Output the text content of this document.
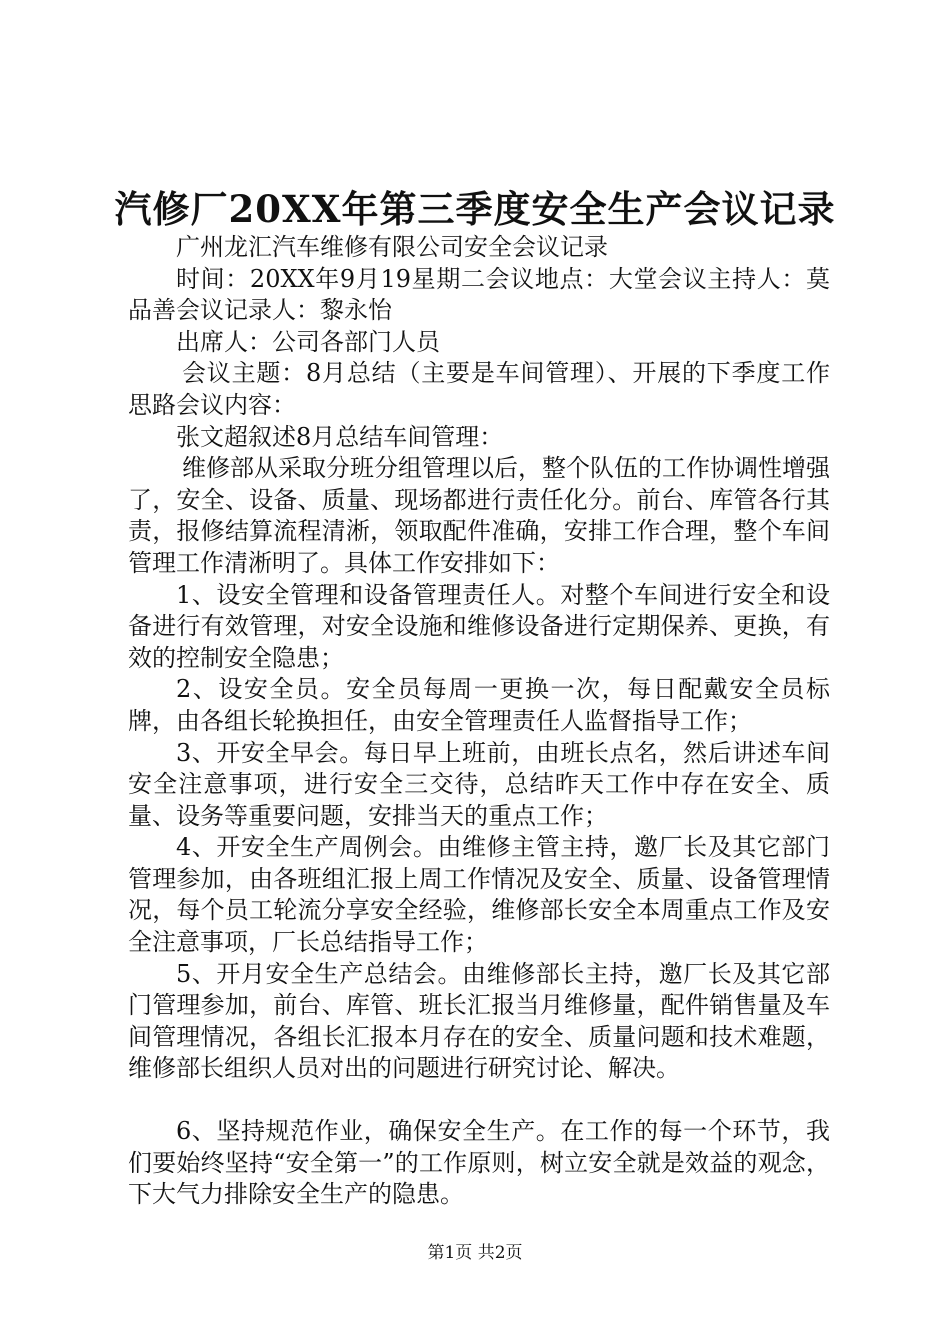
汽修厂20XX年第三季度安全生产会议记录

广州龙汇汽车维修有限公司安全会议记录

时间：20XX年9月19星期二会议地点：大堂会议主持人：莫品善会议记录人：黎永怡

出席人：公司各部门人员

会议主题：8月总结（主要是车间管理）、开展的下季度工作思路会议内容：

张文超叙述8月总结车间管理：

维修部从采取分班分组管理以后，整个队伍的工作协调性增强了，安全、设备、质量、现场都进行责任化分。前台、库管各行其责，报修结算流程清淅，领取配件准确，安排工作合理，整个车间管理工作清淅明了。具体工作安排如下：

1、设安全管理和设备管理责任人。对整个车间进行安全和设备进行有效管理，对安全设施和维修设备进行定期保养、更换，有效的控制安全隐患；

2、设安全员。安全员每周一更换一次，每日配戴安全员标牌，由各组长轮换担任，由安全管理责任人监督指导工作；

3、开安全早会。每日早上班前，由班长点名，然后讲述车间安全注意事项，进行安全三交待，总结昨天工作中存在安全、质量、设务等重要问题，安排当天的重点工作；

4、开安全生产周例会。由维修主管主持，邀厂长及其它部门管理参加，由各班组汇报上周工作情况及安全、质量、设备管理情况，每个员工轮流分享安全经验，维修部长安全本周重点工作及安全注意事项，厂长总结指导工作；

5、开月安全生产总结会。由维修部长主持，邀厂长及其它部门管理参加，前台、库管、班长汇报当月维修量，配件销售量及车间管理情况，各组长汇报本月存在的安全、质量问题和技术难题，维修部长组织人员对出的问题进行研究讨论、解决。

6、坚持规范作业，确保安全生产。在工作的每一个环节，我们要始终坚持“安全第一”的工作原则，树立安全就是效益的观念，下大气力排除安全生产的隐患。

第1页 共2页
